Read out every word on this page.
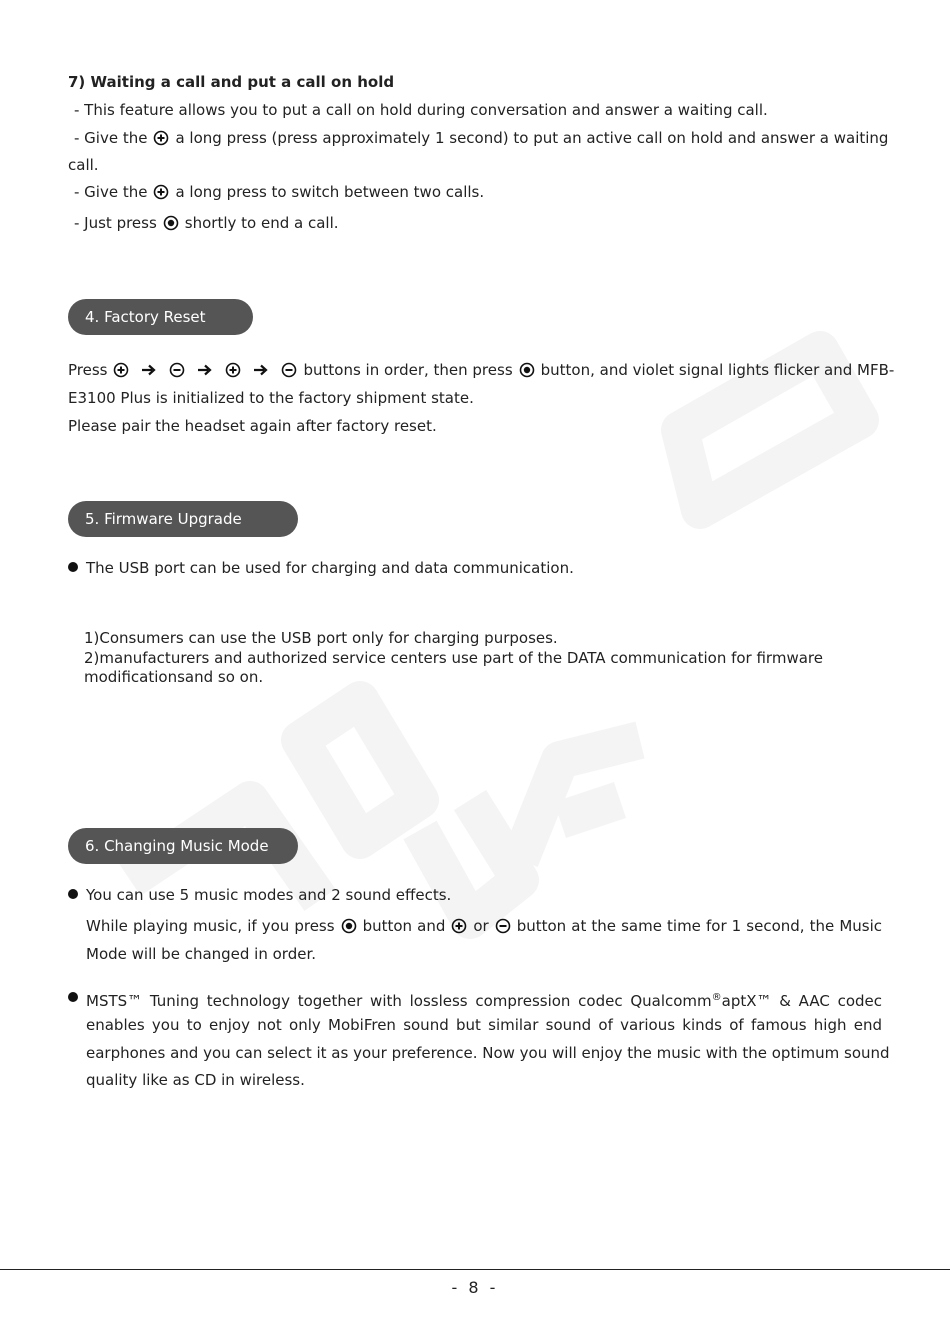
7) Waiting a call and put a call on hold
- This feature allows you to put a call on hold during conversation and answer a waiting call.
- Give the a long press (press approximately 1 second) to put an active call on hold and answer a waiting
call.
- Give the a long press to switch between two calls.
- Just press shortly to end a call.
4. Factory Reset
Press	buttons in order, then press button, and violet signal lights flicker and MFB-
E3100 Plus is initialized to the factory shipment state.
Please pair the headset again after factory reset.
5. Firmware Upgrade
The USB port can be used for charging and data communication.
1)Consumers can use the USB port only for charging purposes.
2)manufacturers and authorized service centers use part of the DATA communication for firmware
modificationsand so on.
6. Changing Music Mode
You can use 5 music modes and 2 sound effects.
While playing music, if you press button and or button at the same time for 1 second, the Music
Mode will be changed in order.
MSTS™ Tuning technology together with lossless compression codec Qualcomm®aptX™ & AAC codec
enables you to enjoy not only MobiFren sound but similar sound of various kinds of famous high end
earphones and you can select it as your preference. Now you will enjoy the music with the optimum sound
quality like as CD in wireless.
- 8 -
